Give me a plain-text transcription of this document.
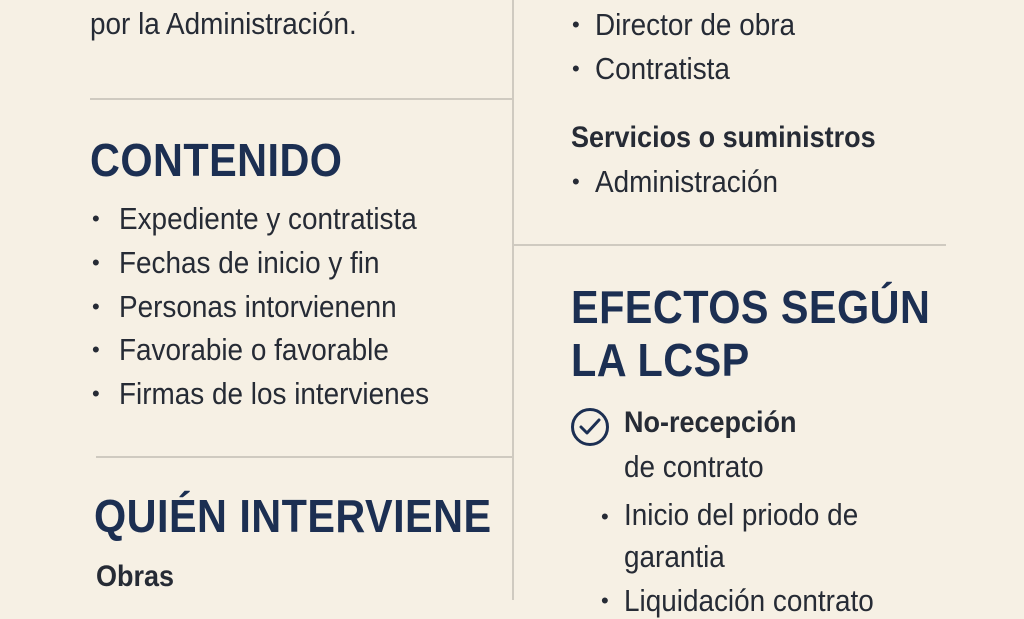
por la Administración.
CONTENIDO
• Expediente y contratista
• Fechas de inicio y fin
• Personas intorvienenn
• Favorabie o favorable
• Firmas de los intervienes
QUIÉN INTERVIENE
Obras
• Director de obra
• Contratista
Servicios o suministros
• Administración
EFECTOS SEGÚN
LA LCSP
No-recepción
de contrato
• Inicio del priodo de
garantia
• Liquidación contrato
